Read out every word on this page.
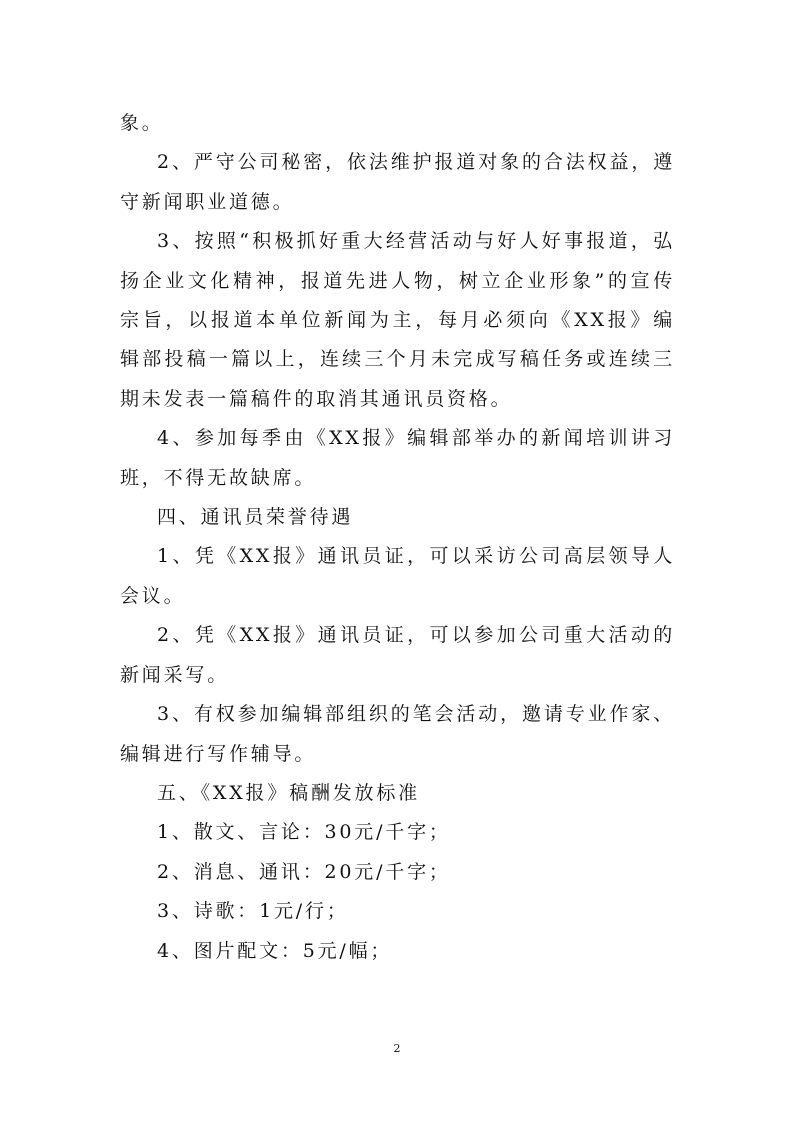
象。

2、严守公司秘密，依法维护报道对象的合法权益，遵守新闻职业道德。

3、按照“积极抓好重大经营活动与好人好事报道，弘扬企业文化精神，报道先进人物，树立企业形象”的宣传宗旨，以报道本单位新闻为主，每月必须向《XX报》编辑部投稿一篇以上，连续三个月未完成写稿任务或连续三期未发表一篇稿件的取消其通讯员资格。

4、参加每季由《XX报》编辑部举办的新闻培训讲习班，不得无故缺席。

四、通讯员荣誉待遇

1、凭《XX报》通讯员证，可以采访公司高层领导人会议。

2、凭《XX报》通讯员证，可以参加公司重大活动的新闻采写。

3、有权参加编辑部组织的笔会活动，邀请专业作家、编辑进行写作辅导。

五、《XX报》稿酬发放标准

1、散文、言论：30元/千字；

2、消息、通讯：20元/千字；

3、诗歌：1元/行；

4、图片配文：5元/幅；

2
